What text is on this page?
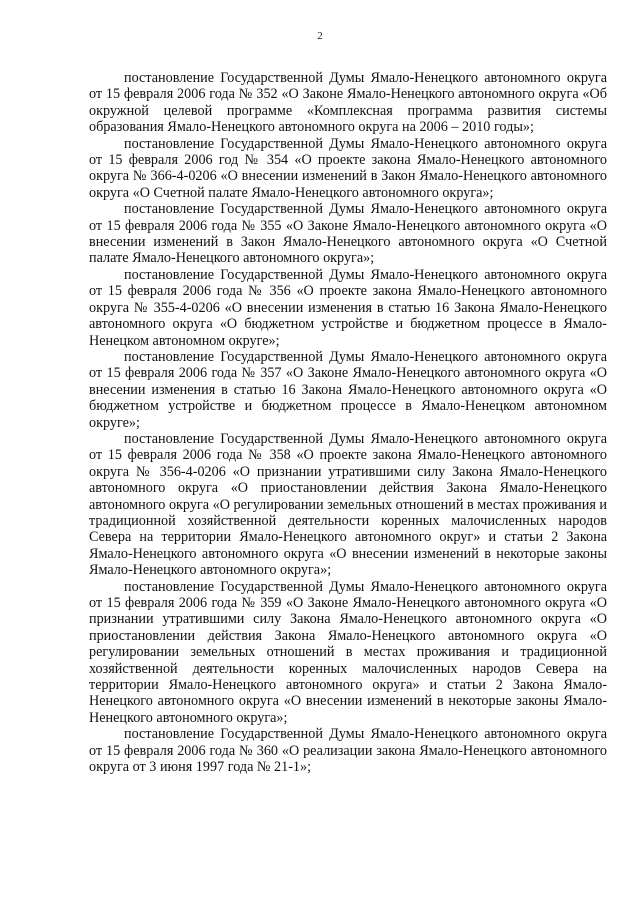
2

постановление Государственной Думы Ямало-Ненецкого автономного округа от 15 февраля 2006 года № 352 «О Законе Ямало-Ненецкого автономного округа «Об окружной целевой программе «Комплексная программа развития системы образования Ямало-Ненецкого автономного округа на 2006 – 2010 годы»;

постановление Государственной Думы Ямало-Ненецкого автономного округа от 15 февраля 2006 год № 354 «О проекте закона Ямало-Ненецкого автономного округа № 366-4-0206 «О внесении изменений в Закон Ямало-Ненецкого автономного округа «О Счетной палате Ямало-Ненецкого автономного округа»;

постановление Государственной Думы Ямало-Ненецкого автономного округа от 15 февраля 2006 года № 355 «О Законе Ямало-Ненецкого автономного округа «О внесении изменений в Закон Ямало-Ненецкого автономного округа «О Счетной палате Ямало-Ненецкого автономного округа»;

постановление Государственной Думы Ямало-Ненецкого автономного округа от 15 февраля 2006 года № 356 «О проекте закона Ямало-Ненецкого автономного округа № 355-4-0206 «О внесении изменения в статью 16 Закона Ямало-Ненецкого автономного округа «О бюджетном устройстве и бюджетном процессе в Ямало-Ненецком автономном округе»;

постановление Государственной Думы Ямало-Ненецкого автономного округа от 15 февраля 2006 года № 357 «О Законе Ямало-Ненецкого автономного округа «О внесении изменения в статью 16 Закона Ямало-Ненецкого автономного округа «О бюджетном устройстве и бюджетном процессе в Ямало-Ненецком автономном округе»;

постановление Государственной Думы Ямало-Ненецкого автономного округа от 15 февраля 2006 года № 358 «О проекте закона Ямало-Ненецкого автономного округа № 356-4-0206 «О признании утратившими силу Закона Ямало-Ненецкого автономного округа «О приостановлении действия Закона Ямало-Ненецкого автономного округа «О регулировании земельных отношений в местах проживания и традиционной хозяйственной деятельности коренных малочисленных народов Севера на территории Ямало-Ненецкого автономного округ» и статьи 2 Закона Ямало-Ненецкого автономного округа «О внесении изменений в некоторые законы Ямало-Ненецкого автономного округа»;

постановление Государственной Думы Ямало-Ненецкого автономного округа от 15 февраля 2006 года № 359 «О Законе Ямало-Ненецкого автономного округа «О признании утратившими силу Закона Ямало-Ненецкого автономного округа «О приостановлении действия Закона Ямало-Ненецкого автономного округа «О регулировании земельных отношений в местах проживания и традиционной хозяйственной деятельности коренных малочисленных народов Севера на территории Ямало-Ненецкого автономного округа» и статьи 2 Закона Ямало-Ненецкого автономного округа «О внесении изменений в некоторые законы Ямало-Ненецкого автономного округа»;

постановление Государственной Думы Ямало-Ненецкого автономного округа от 15 февраля 2006 года № 360 «О реализации закона Ямало-Ненецкого автономного округа от 3 июня 1997 года № 21-1»;
